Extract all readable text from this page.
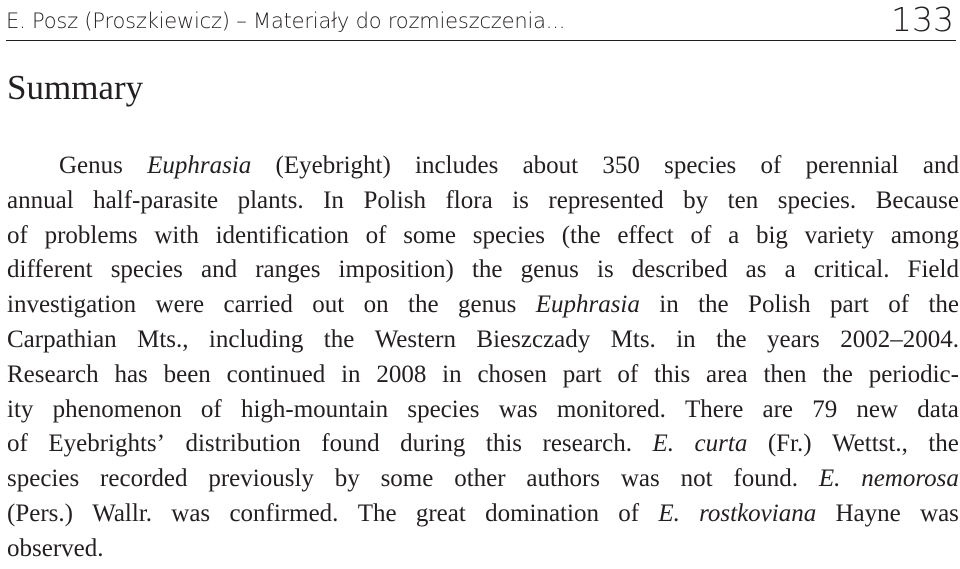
E. Posz (Proszkiewicz) – Materiały do rozmieszczenia...	133
Summary
Genus Euphrasia (Eyebright) includes about 350 species of perennial and
annual half-parasite plants. In Polish flora is represented by ten species. Because
of problems with identification of some species (the effect of a big variety among
different species and ranges imposition) the genus is described as a critical. Field
investigation were carried out on the genus Euphrasia in the Polish part of the
Carpathian Mts., including the Western Bieszczady Mts. in the years 2002–2004.
Research has been continued in 2008 in chosen part of this area then the periodic-
ity phenomenon of high-mountain species was monitored. There are 79 new data
of Eyebrights’ distribution found during this research. E. curta (Fr.) Wettst., the
species recorded previously by some other authors was not found. E. nemorosa
(Pers.) Wallr. was confirmed. The great domination of E. rostkoviana Hayne was
observed.
